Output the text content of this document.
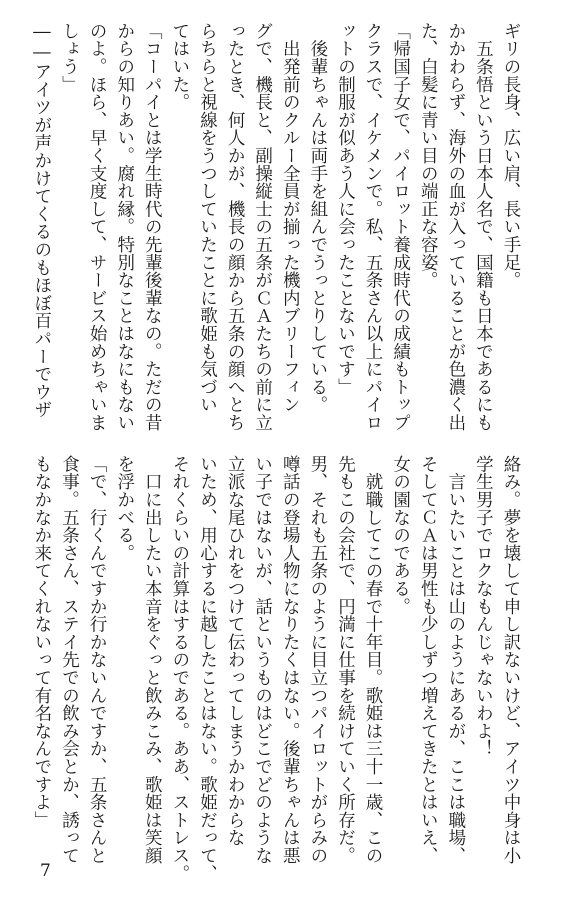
ギリの長身、広い肩、長い手足。
　五条悟という日本人名で、国籍も日本であるにも
かかわらず、海外の血が入っていることが色濃く出
た、白髪に青い目の端正な容姿。
「帰国子女で、パイロット養成時代の成績もトップ
クラスで、イケメンで。私、五条さん以上にパイロ
ットの制服が似あう人に会ったことないです」
　後輩ちゃんは両手を組んでうっとりしている。
　出発前のクルー全員が揃った機内ブリーフィン
グで、機長と、副操縦士の五条がＣＡたちの前に立
ったとき、何人かが、機長の顔から五条の顔へとち
らちらと視線をうつしていたことに歌姫も気づい
てはいた。
「コーパイとは学生時代の先輩後輩なの。ただの昔
からの知りあい。腐れ縁。特別なことはなにもない
のよ。ほら、早く支度して、サービス始めちゃいま
しょう」
――アイツが声かけてくるのもほぼ百パーでウザ
絡み。夢を壊して申し訳ないけど、アイツ中身は小
学生男子でロクなもんじゃないわよ！
　言いたいことは山のようにあるが、ここは職場、
そしてＣＡは男性も少しずつ増えてきたとはいえ、
女の園なのである。
　就職してこの春で十年目。歌姫は三十一歳、この
先もこの会社で、円満に仕事を続けていく所存だ。
男、それも五条のように目立つパイロットがらみの
噂話の登場人物になりたくはない。後輩ちゃんは悪
い子ではないが、話というものはどこでどのような
立派な尾ひれをつけて伝わってしまうかわからな
いため、用心するに越したことはない。歌姫だって、
それくらいの計算はするのである。ああ、ストレス。
　口に出したい本音をぐっと飲みこみ、歌姫は笑顔
を浮かべる。
「で、行くんですか行かないんですか、五条さんと
食事。五条さん、ステイ先での飲み会とか、誘って
もなかなか来てくれないって有名なんですよ」
7
